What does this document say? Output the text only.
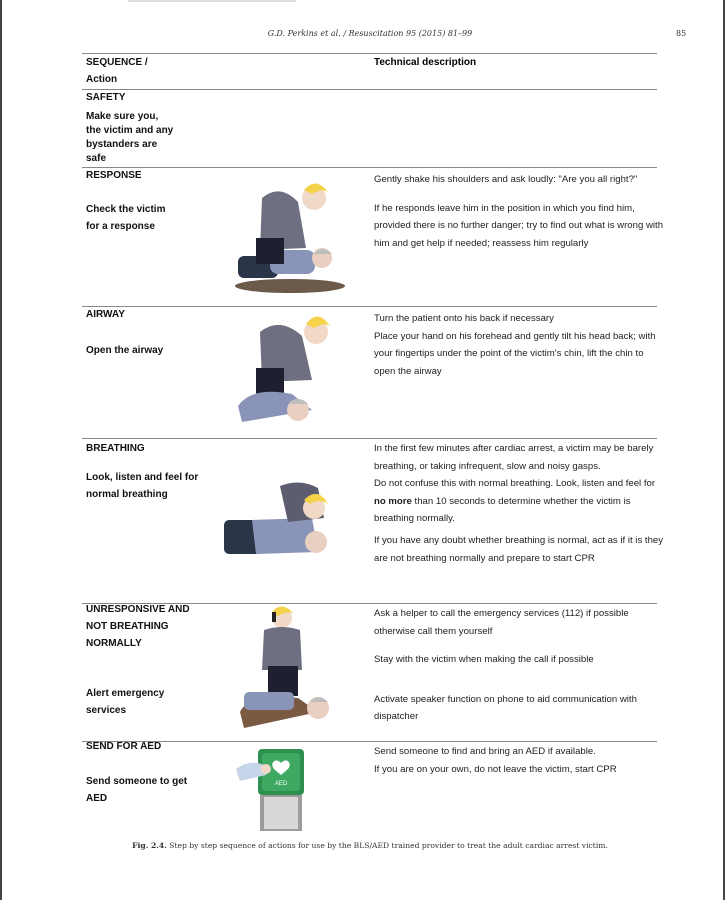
G.D. Perkins et al. / Resuscitation 95 (2015) 81–99	85
SEQUENCE /
Action
Technical description
SAFETY
Make sure you,
the victim and any
bystanders are
safe
RESPONSE
Check the victim
for a response

Gently shake his shoulders and ask loudly: "Are you all right?"

If he responds leave him in the position in which you find him, provided there is no further danger; try to find out what is wrong with him and get help if needed; reassess him regularly

AIRWAY
Open the airway

Turn the patient onto his back if necessary

Place your hand on his forehead and gently tilt his head back; with your fingertips under the point of the victim's chin, lift the chin to open the airway

BREATHING
Look, listen and feel for
normal breathing

In the first few minutes after cardiac arrest, a victim may be barely breathing, or taking infrequent, slow and noisy gasps.

Do not confuse this with normal breathing. Look, listen and feel for no more than 10 seconds to determine whether the victim is breathing normally.

If you have any doubt whether breathing is normal, act as if it is they are not breathing normally and prepare to start CPR

UNRESPONSIVE AND
NOT BREATHING
NORMALLY
Alert emergency
services

Ask a helper to call the emergency services (112) if possible otherwise call them yourself

Stay with the victim when making the call if possible

Activate speaker function on phone to aid communication with dispatcher

SEND FOR AED
Send someone to get
AED

Send someone to find and bring an AED if available.

If you are on your own, do not leave the victim, start CPR

AED
Fig. 2.4. Step by step sequence of actions for use by the BLS/AED trained provider to treat the adult cardiac arrest victim.
